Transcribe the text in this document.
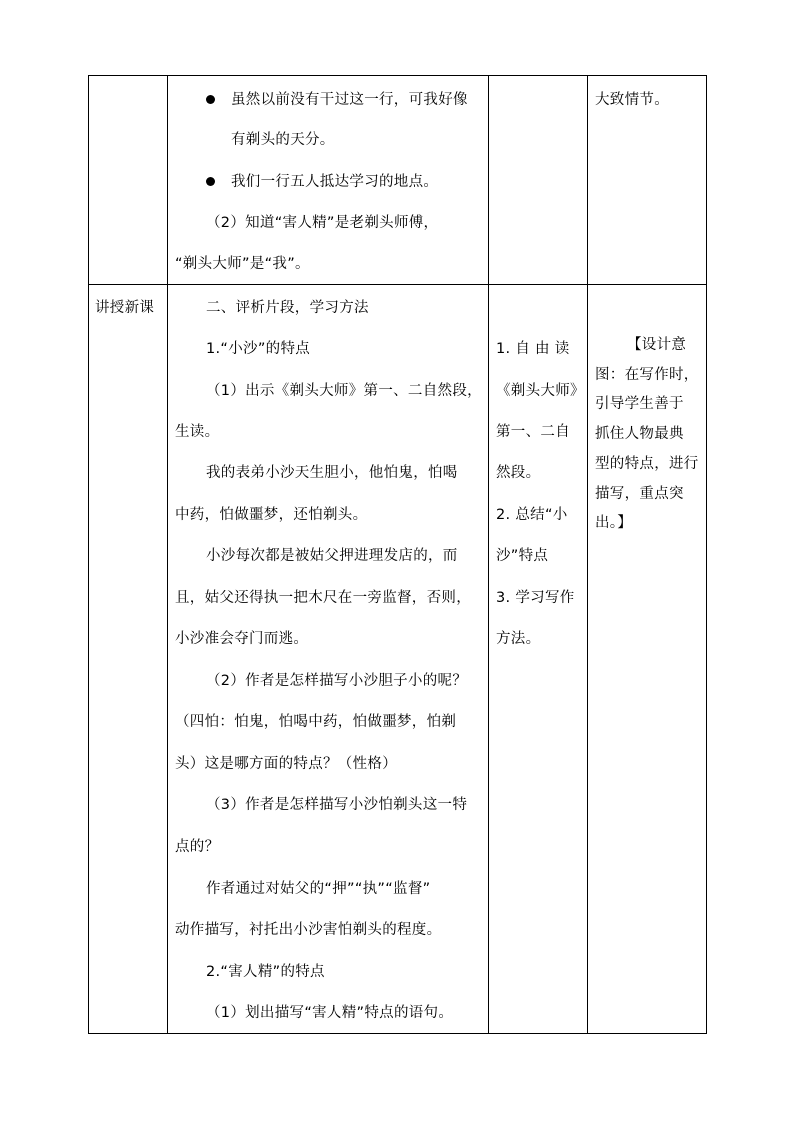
虽然以前没有干过这一行，可我好像
有剃头的天分。
我们一行五人抵达学习的地点。
（2）知道“害人精”是老剃头师傅，
“剃头大师”是“我”。
大致情节。
讲授新课	二、评析片段，学习方法
1.“小沙”的特点
（1）出示《剃头大师》第一、二自然段，
生读。
我的表弟小沙天生胆小，他怕鬼，怕喝
中药，怕做噩梦，还怕剃头。
小沙每次都是被姑父押进理发店的，而
且，姑父还得执一把木尺在一旁监督，否则，
小沙准会夺门而逃。
（2）作者是怎样描写小沙胆子小的呢？
（四怕：怕鬼，怕喝中药，怕做噩梦，怕剃
头）这是哪方面的特点？（性格）
（3）作者是怎样描写小沙怕剃头这一特
点的？
作者通过对姑父的“押”“执”“监督”
动作描写，衬托出小沙害怕剃头的程度。
2.“害人精”的特点
（1）划出描写“害人精”特点的语句。
1. 自 由 读
《剃头大师》
第一、二自
然段。
2. 总结“小
沙”特点
3. 学习写作
方法。
【设计意
图：在写作时，
引导学生善于
抓住人物最典
型的特点，进行
描写，重点突
出。】
